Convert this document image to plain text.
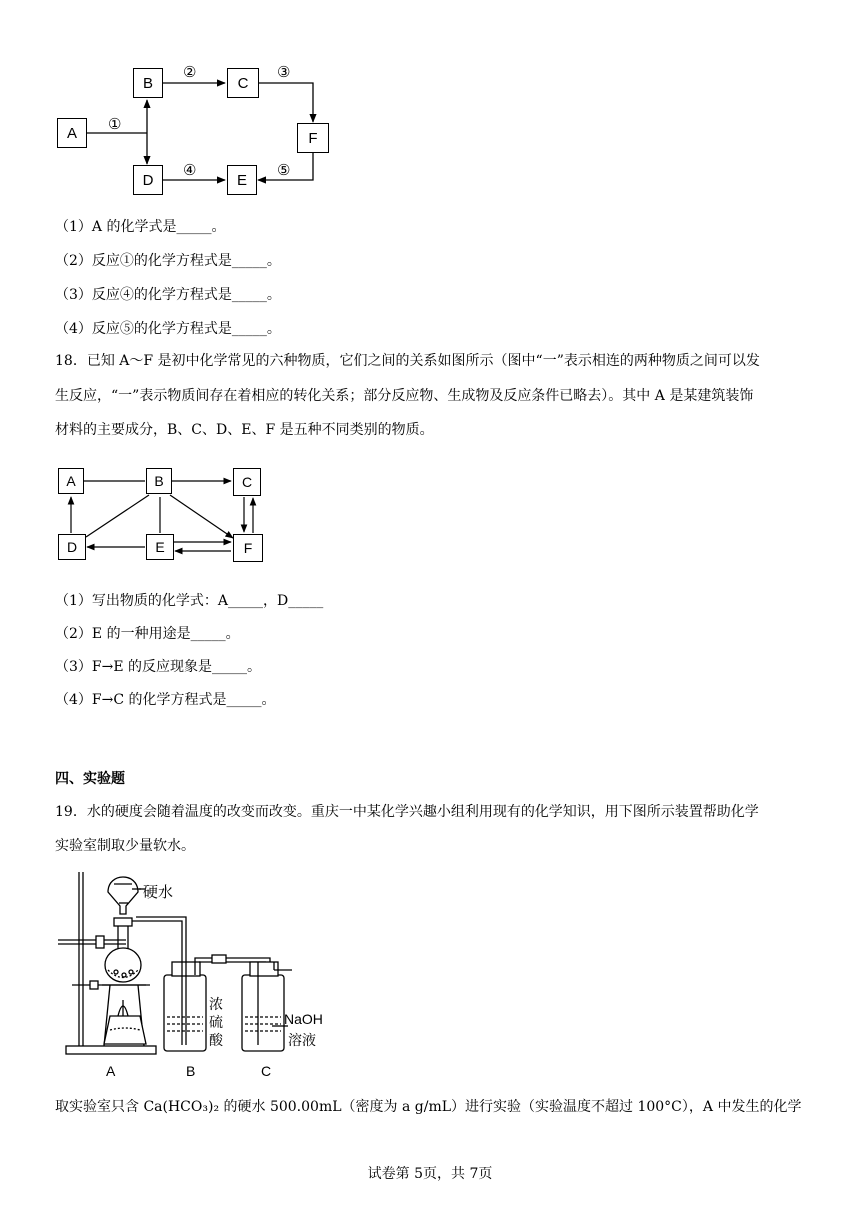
A
B	C
F
D	E
①
②	③
④	⑤
（1）A 的化学式是_____。
（2）反应①的化学方程式是_____。
（3）反应④的化学方程式是_____。
（4）反应⑤的化学方程式是_____。
18．已知 A～F 是初中化学常见的六种物质，它们之间的关系如图所示（图中“一”表示相连的两种物质之间可以发
生反应，“一”表示物质间存在着相应的转化关系；部分反应物、生成物及反应条件已略去）。其中 A 是某建筑装饰
材料的主要成分，B、C、D、E、F 是五种不同类别的物质。
A	B	C
D	E	F
（1）写出物质的化学式：A_____，D_____
（2）E 的一种用途是_____。
（3）F→E 的反应现象是_____。
（4）F→C 的化学方程式是_____。
四、实验题
19．水的硬度会随着温度的改变而改变。重庆一中某化学兴趣小组利用现有的化学知识，用下图所示装置帮助化学
实验室制取少量软水。
硬水
浓
硫
酸
NaOH
溶液
A	B	C
取实验室只含 Ca(HCO₃)₂ 的硬水 500.00mL（密度为 a g/mL）进行实验（实验温度不超过 100°C），A 中发生的化学
试卷第 5页，共 7页
